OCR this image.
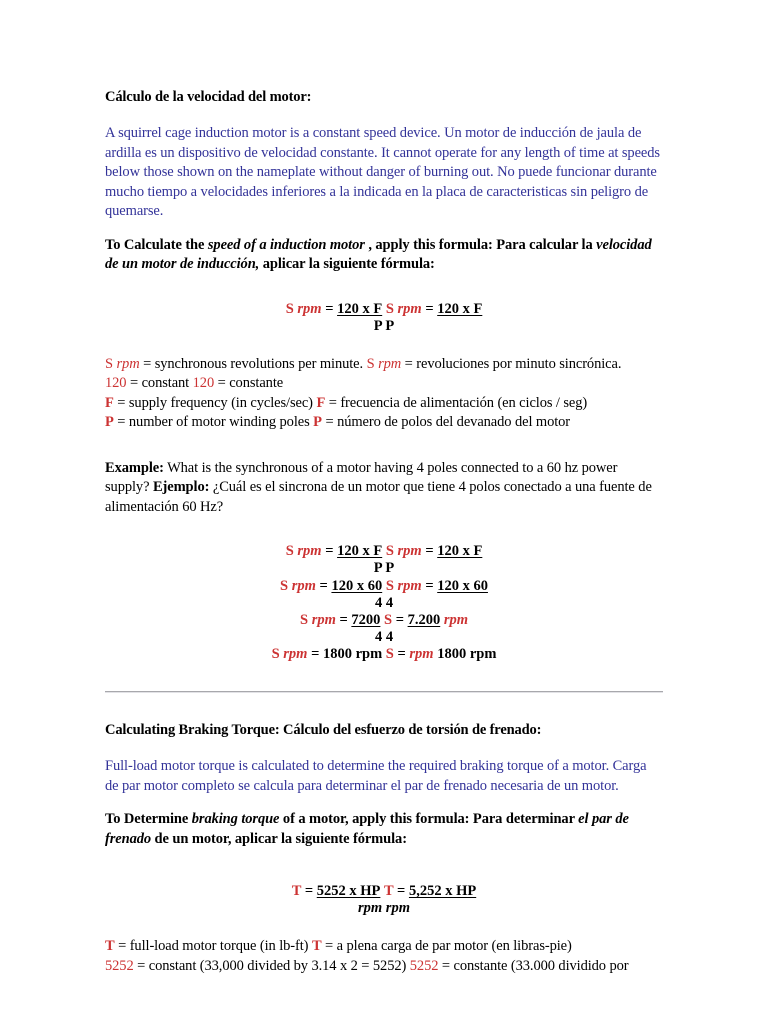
Cálculo de la velocidad del motor:
A squirrel cage induction motor is a constant speed device. Un motor de inducción de jaula de ardilla es un dispositivo de velocidad constante. It cannot operate for any length of time at speeds below those shown on the nameplate without danger of burning out. No puede funcionar durante mucho tiempo a velocidades inferiores a la indicada en la placa de caracteristicas sin peligro de quemarse.
To Calculate the speed of a induction motor , apply this formula: Para calcular la velocidad de un motor de inducción, aplicar la siguiente fórmula:
S rpm = 120 x F S rpm = 120 x F
P P
S rpm = synchronous revolutions per minute. S rpm = revoluciones por minuto sincrónica.
120 = constant 120 = constante
F = supply frequency (in cycles/sec) F = frecuencia de alimentación (en ciclos / seg)
P = number of motor winding poles P = número de polos del devanado del motor
Example: What is the synchronous of a motor having 4 poles connected to a 60 hz power supply? Ejemplo: ¿Cuál es el sincrona de un motor que tiene 4 polos conectado a una fuente de alimentación 60 Hz?
S rpm = 120 x F S rpm = 120 x F
P P
S rpm = 120 x 60 S rpm = 120 x 60
4 4
S rpm = 7200 S = 7.200 rpm
4 4
S rpm = 1800 rpm S = rpm 1800 rpm
Calculating Braking Torque: Cálculo del esfuerzo de torsión de frenado:
Full-load motor torque is calculated to determine the required braking torque of a motor. Carga de par motor completo se calcula para determinar el par de frenado necesaria de un motor.
To Determine braking torque of a motor, apply this formula: Para determinar el par de frenado de un motor, aplicar la siguiente fórmula:
T = 5252 x HP T = 5,252 x HP
rpm rpm
T = full-load motor torque (in lb-ft) T = a plena carga de par motor (en libras-pie)
5252 = constant (33,000 divided by 3.14 x 2 = 5252) 5252 = constante (33.000 dividido por
